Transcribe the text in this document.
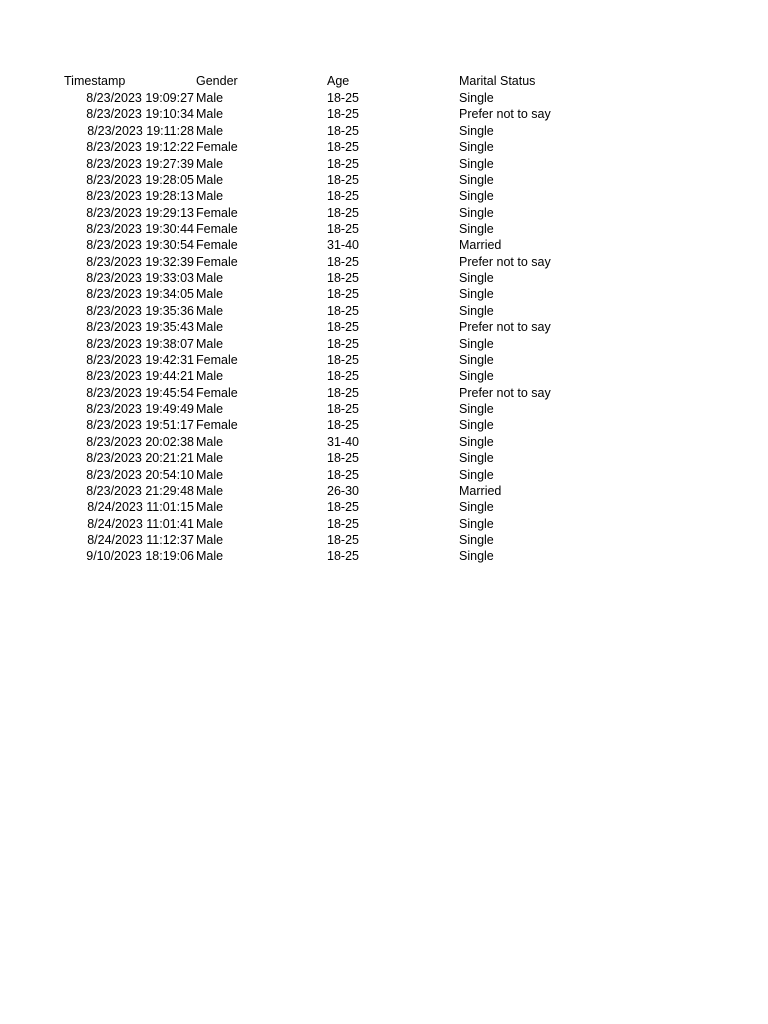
Timestamp	Gender	Age	Marital Status
8/23/2023 19:09:27 Male	18-25	Single
8/23/2023 19:10:34 Male	18-25	Prefer not to say
8/23/2023 19:11:28 Male	18-25	Single
8/23/2023 19:12:22 Female	18-25	Single
8/23/2023 19:27:39 Male	18-25	Single
8/23/2023 19:28:05 Male	18-25	Single
8/23/2023 19:28:13 Male	18-25	Single
8/23/2023 19:29:13 Female	18-25	Single
8/23/2023 19:30:44 Female	18-25	Single
8/23/2023 19:30:54 Female	31-40	Married
8/23/2023 19:32:39 Female	18-25	Prefer not to say
8/23/2023 19:33:03 Male	18-25	Single
8/23/2023 19:34:05 Male	18-25	Single
8/23/2023 19:35:36 Male	18-25	Single
8/23/2023 19:35:43 Male	18-25	Prefer not to say
8/23/2023 19:38:07 Male	18-25	Single
8/23/2023 19:42:31 Female	18-25	Single
8/23/2023 19:44:21 Male	18-25	Single
8/23/2023 19:45:54 Female	18-25	Prefer not to say
8/23/2023 19:49:49 Male	18-25	Single
8/23/2023 19:51:17 Female	18-25	Single
8/23/2023 20:02:38 Male	31-40	Single
8/23/2023 20:21:21 Male	18-25	Single
8/23/2023 20:54:10 Male	18-25	Single
8/23/2023 21:29:48 Male	26-30	Married
8/24/2023 11:01:15 Male	18-25	Single
8/24/2023 11:01:41 Male	18-25	Single
8/24/2023 11:12:37 Male	18-25	Single
9/10/2023 18:19:06 Male	18-25	Single
